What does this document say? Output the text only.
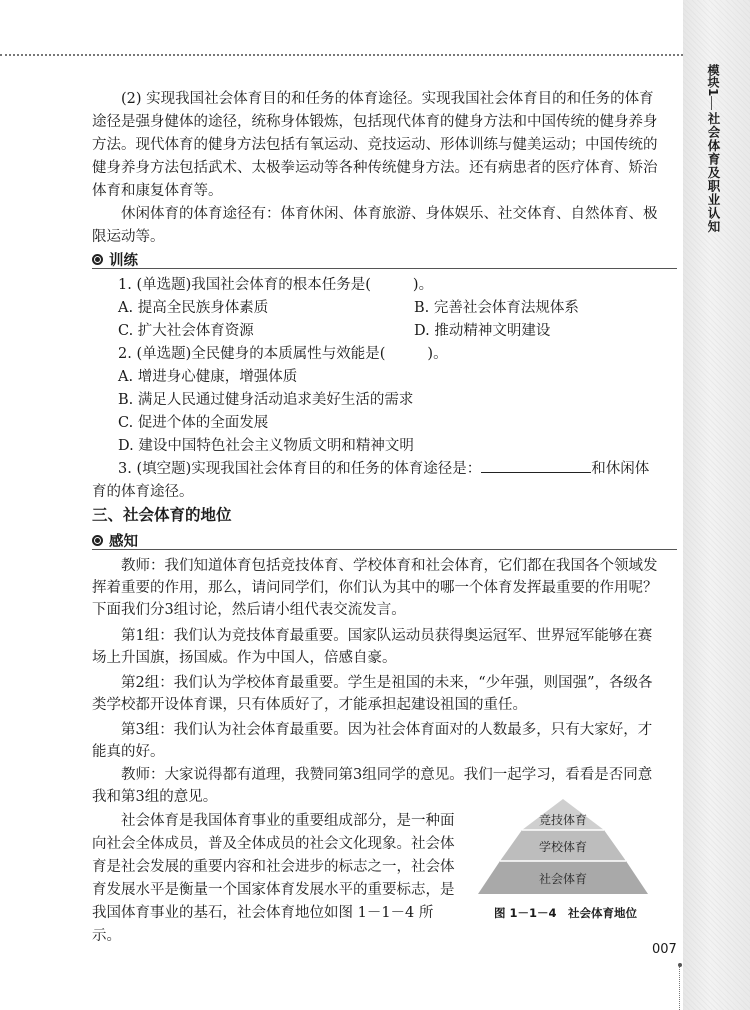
模块1
社会体育及职业认知

(2) 实现我国社会体育目的和任务的体育途径。实现我国社会体育目的和任务的体育途径是强身健体的途径，统称身体锻炼，包括现代体育的健身方法和中国传统的健身养身方法。现代体育的健身方法包括有氧运动、竞技运动、形体训练与健美运动；中国传统的健身养身方法包括武术、太极拳运动等各种传统健身方法。还有病患者的医疗体育、矫治体育和康复体育等。

休闲体育的体育途径有：体育休闲、体育旅游、身体娱乐、社交体育、自然体育、极限运动等。

训练
1. (单选题)我国社会体育的根本任务是(	)。
A. 提高全民族身体素质	B. 完善社会体育法规体系
C. 扩大社会体育资源	D. 推动精神文明建设
2. (单选题)全民健身的本质属性与效能是(	)。
A. 增进身心健康，增强体质
B. 满足人民通过健身活动追求美好生活的需求
C. 促进个体的全面发展
D. 建设中国特色社会主义物质文明和精神文明
3. (填空题)实现我国社会体育目的和任务的体育途径是：	和休闲体
育的体育途径。
三、社会体育的地位
感知

教师：我们知道体育包括竞技体育、学校体育和社会体育，它们都在我国各个领域发挥着重要的作用，那么，请问同学们，你们认为其中的哪一个体育发挥最重要的作用呢？下面我们分3组讨论，然后请小组代表交流发言。

第1组：我们认为竞技体育最重要。国家队运动员获得奥运冠军、世界冠军能够在赛场上升国旗，扬国威。作为中国人，倍感自豪。

第2组：我们认为学校体育最重要。学生是祖国的未来，“少年强，则国强”，各级各类学校都开设体育课，只有体质好了，才能承担起建设祖国的重任。

第3组：我们认为社会体育最重要。因为社会体育面对的人数最多，只有大家好，才能真的好。

教师：大家说得都有道理，我赞同第3组同学的意见。我们一起学习，看看是否同意我和第3组的意见。

社会体育是我国体育事业的重要组成部分，是一种面向社会全体成员，普及全体成员的社会文化现象。社会体育是社会发展的重要内容和社会进步的标志之一，社会体育发展水平是衡量一个国家体育发展水平的重要标志，是我国体育事业的基石，社会体育地位如图 1－1－4 所示。

竞技体育
学校体育
社会体育
图 1－1－4　社会体育地位
007
